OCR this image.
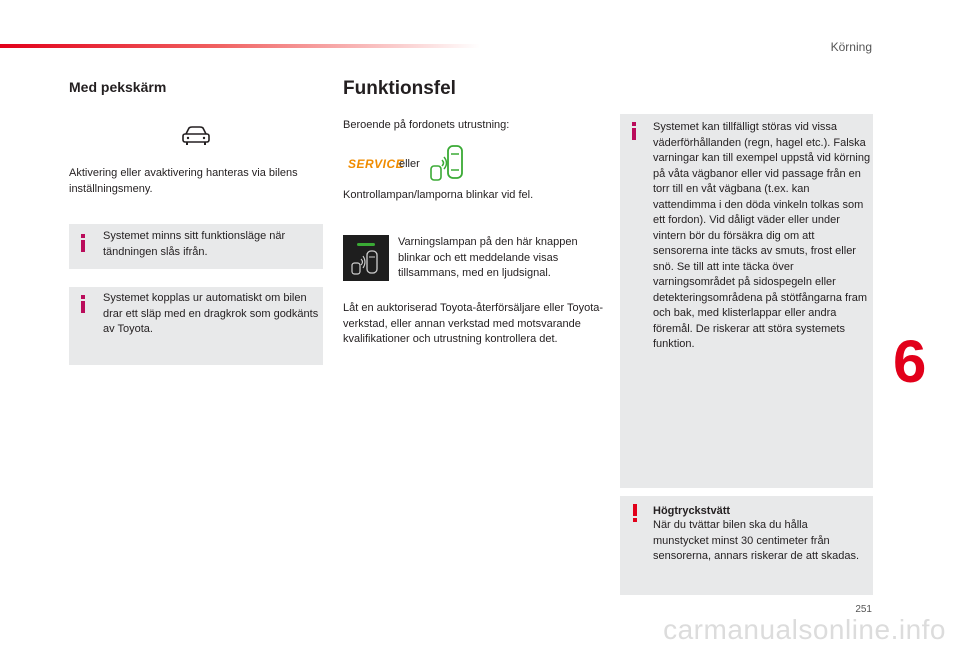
Körning
Med pekskärm
Aktivering eller avaktivering hanteras via bilens inställningsmeny.
Systemet minns sitt funktionsläge när tändningen slås ifrån.
Systemet kopplas ur automatiskt om bilen drar ett släp med en dragkrok som godkänts av Toyota.
Funktionsfel
Beroende på fordonets utrustning:
SERVICE
eller
Kontrollampan/lamporna blinkar vid fel.
Varningslampan på den här knappen blinkar och ett meddelande visas tillsammans, med en ljudsignal.
Låt en auktoriserad Toyota-återförsäljare eller Toyota-verkstad, eller annan verkstad med motsvarande kvalifikationer och utrustning kontrollera det.
Systemet kan tillfälligt störas vid vissa väderförhållanden (regn, hagel etc.). Falska varningar kan till exempel uppstå vid körning på våta vägbanor eller vid passage från en torr till en våt vägbana (t.ex. kan vattendimma i den döda vinkeln tolkas som ett fordon). Vid dåligt väder eller under vintern bör du försäkra dig om att sensorerna inte täcks av smuts, frost eller snö. Se till att inte täcka över varningsområdet på sidospegeln eller detekteringsområdena på stötfångarna fram och bak, med klisterlappar eller andra föremål. De riskerar att störa systemets funktion.
Högtryckstvätt
När du tvättar bilen ska du hålla munstycket minst 30 centimeter från sensorerna, annars riskerar de att skadas.
6
251
carmanualsonline.info
